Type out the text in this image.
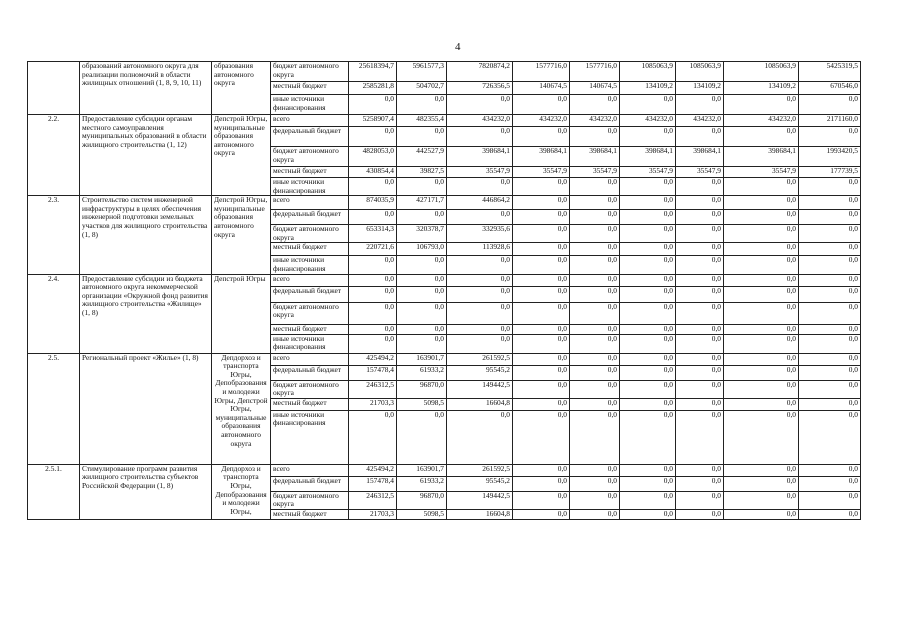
4
	образований автономного округа для реализации полномочий в области жилищных отношений (1, 8, 9, 10, 11)	образования автономного округа	бюджет автономного округа	25618394,7	5961577,3	7820874,2	1577716,0	1577716,0	1085063,9	1085063,9	1085063,9	5425319,5
			местный бюджет	2585281,8	504702,7	726356,5	140674,5	140674,5	134109,2	134109,2	134109,2	670546,0
			иные источники финансирования	0,0	0,0	0,0	0,0	0,0	0,0	0,0	0,0	0,0
2.2.	Предоставление субсидии органам местного самоуправления муниципальных образований в области жилищного строительства (1, 12)	Депстрой Югры, муниципальные образования автономного округа	всего	5258907,4	482355,4	434232,0	434232,0	434232,0	434232,0	434232,0	434232,0	2171160,0
			федеральный бюджет	0,0	0,0	0,0	0,0	0,0	0,0	0,0	0,0	0,0
			бюджет автономного округа	4828053,0	442527,9	398684,1	398684,1	398684,1	398684,1	398684,1	398684,1	1993420,5
			местный бюджет	430854,4	39827,5	35547,9	35547,9	35547,9	35547,9	35547,9	35547,9	177739,5
			иные источники финансирования	0,0	0,0	0,0	0,0	0,0	0,0	0,0	0,0	0,0
2.3.	Строительство систем инженерной инфраструктуры в целях обеспечения инженерной подготовки земельных участков для жилищного строительства (1, 8)	Депстрой Югры, муниципальные образования автономного округа	всего	874035,9	427171,7	446864,2	0,0	0,0	0,0	0,0	0,0	0,0
			федеральный бюджет	0,0	0,0	0,0	0,0	0,0	0,0	0,0	0,0	0,0
			бюджет автономного округа	653314,3	320378,7	332935,6	0,0	0,0	0,0	0,0	0,0	0,0
			местный бюджет	220721,6	106793,0	113928,6	0,0	0,0	0,0	0,0	0,0	0,0
			иные источники финансирования	0,0	0,0	0,0	0,0	0,0	0,0	0,0	0,0	0,0
2.4.	Предоставление субсидии из бюджета автономного округа некоммерческой организации «Окружной фонд развития жилищного строительства «Жилище» (1, 8)	Депстрой Югры	всего	0,0	0,0	0,0	0,0	0,0	0,0	0,0	0,0	0,0
			федеральный бюджет	0,0	0,0	0,0	0,0	0,0	0,0	0,0	0,0	0,0
			бюджет автономного округа	0,0	0,0	0,0	0,0	0,0	0,0	0,0	0,0	0,0
			местный бюджет	0,0	0,0	0,0	0,0	0,0	0,0	0,0	0,0	0,0
			иные источники финансирования	0,0	0,0	0,0	0,0	0,0	0,0	0,0	0,0	0,0
2.5.	Региональный проект «Жилье» (1, 8)	Депдорхоз и транспорта Югры, Депобразования и молодежи Югры, Депстрой Югры, муниципальные образования автономного округа	всего	425494,2	163901,7	261592,5	0,0	0,0	0,0	0,0	0,0	0,0
			федеральный бюджет	157478,4	61933,2	95545,2	0,0	0,0	0,0	0,0	0,0	0,0
			бюджет автономного округа	246312,5	96870,0	149442,5	0,0	0,0	0,0	0,0	0,0	0,0
			местный бюджет	21703,3	5098,5	16604,8	0,0	0,0	0,0	0,0	0,0	0,0
			иные источники финансирования	0,0	0,0	0,0	0,0	0,0	0,0	0,0	0,0	0,0
2.5.1.	Стимулирование программ развития жилищного строительства субъектов Российской Федерации (1, 8)	Депдорхоз и транспорта Югры, Депобразования и молодежи Югры,	всего	425494,2	163901,7	261592,5	0,0	0,0	0,0	0,0	0,0	0,0
			федеральный бюджет	157478,4	61933,2	95545,2	0,0	0,0	0,0	0,0	0,0	0,0
			бюджет автономного округа	246312,5	96870,0	149442,5	0,0	0,0	0,0	0,0	0,0	0,0
			местный бюджет	21703,3	5098,5	16604,8	0,0	0,0	0,0	0,0	0,0	0,0
